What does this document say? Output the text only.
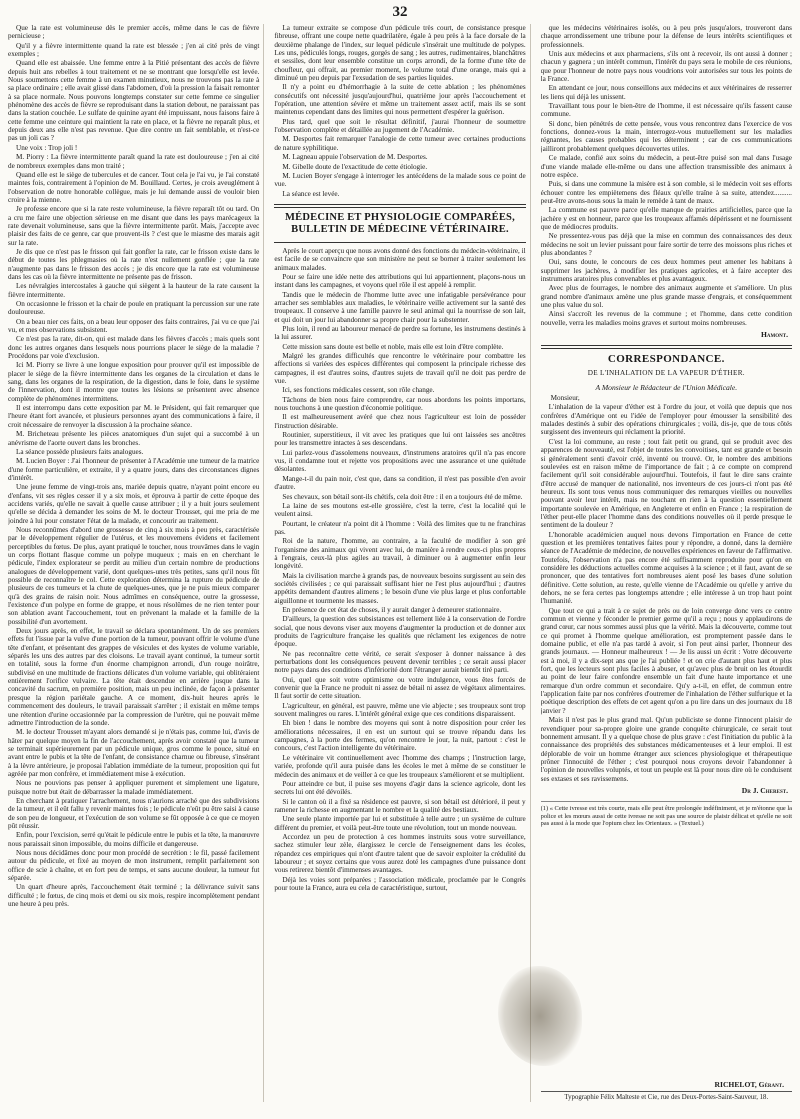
32

Que la rate est volumineuse dès le premier accès, même dans le cas de fièvre pernicieuse ;

Qu'il y a fièvre intermittente quand la rate est blessée ; j'en ai cité près de vingt exemples ;

Quand elle est abaissée. Une femme entre à la Pitié présentant des accès de fièvre depuis huit ans rebelles à tout traitement et ne se montrant que lorsqu'elle est levée. Nous soumettons cette femme à un examen minutieux, nous ne trouvons pas la rate à sa place ordinaire ; elle avait glissé dans l'abdomen, d'où la pression la faisait remonter à sa place normale. Nous pouvons longtemps constater sur cette femme ce singulier phénomène des accès de fièvre se reproduisant dans la station debout, ne paraissant pas dans la station couchée. Le sulfate de quinine ayant été impuissant, nous faisons faire à cette femme une ceinture qui maintient la rate en place, et la fièvre ne reparaît plus, et depuis deux ans elle n'est pas revenue. Que dire contre un fait semblable, et n'est-ce pas un joli cas ?

Une voix : Trop joli !

M. Piorry : La fièvre intermittente paraît quand la rate est douloureuse ; j'en ai cité de nombreux exemples dans mon traité ;

Quand elle est le siège de tubercules et de cancer. Tout cela je l'ai vu, je l'ai constaté maintes fois, contrairement à l'opinion de M. Bouillaud. Certes, je crois aveuglément à l'observation de notre honorable collègue, mais je lui demande aussi de vouloir bien croire à la mienne.

Je professe encore que si la rate reste volumineuse, la fièvre reparaît tôt ou tard. On a cru me faire une objection sérieuse en me disant que dans les pays marécageux la rate devenait volumineuse, sans que la fièvre intermittente parût. Mais, j'accepte avec plaisir des faits de ce genre, car que prouvent-ils ? c'est que le miasme des marais agit sur la rate.

Je dis que ce n'est pas le frisson qui fait gonfler la rate, car le frisson existe dans le début de toutes les phlegmasies où la rate n'est nullement gonflée ; que la rate n'augmente pas dans le frisson des accès ; je dis encore que la rate est volumineuse dans les cas où la fièvre intermittente ne présente pas de frisson.

Les névralgies intercostales à gauche qui siègent à la hauteur de la rate causent la fièvre intermittente.

On occasionne le frisson et la chair de poule en pratiquant la percussion sur une rate douloureuse.

On a beau nier ces faits, on a beau leur opposer des faits contraires, j'ai vu ce que j'ai vu, et mes observations subsistent.

Ce n'est pas la rate, dit-on, qui est malade dans les fièvres d'accès ; mais quels sont donc les autres organes dans lesquels nous pourrions placer le siège de la maladie ? Procédons par voie d'exclusion.

Ici M. Piorry se livre à une longue exposition pour prouver qu'il est impossible de placer le siège de la fièvre intermittente dans les organes de la circulation et dans le sang, dans les organes de la respiration, de la digestion, dans le foie, dans le système de l'innervation, dont il montre que toutes les lésions se présentent avec absence complète de phénomènes intermittens.

Il est interrompu dans cette exposition par M. le Président, qui fait remarquer que l'heure étant fort avancée, et plusieurs personnes ayant des communications à faire, il croit nécessaire de renvoyer la discussion à la prochaine séance.

M. Bricheteau présente les pièces anatomiques d'un sujet qui a succombé à un anévrisme de l'aorte ouvert dans les bronches.

La séance possède plusieurs faits analogues.

M. Lucien Boyer : J'ai l'honneur de présenter à l'Académie une tumeur de la matrice d'une forme particulière, et extraite, il y a quatre jours, dans des circonstances dignes d'intérêt.

Une jeune femme de vingt-trois ans, mariée depuis quatre, n'ayant point encore eu d'enfans, vit ses règles cesser il y a six mois, et éprouva à partir de cette époque des accidens variés, qu'elle ne savait à quelle cause attribuer ; il y a huit jours seulement qu'elle se décida à demander les soins de M. le docteur Trousset, qui me pria de me joindre à lui pour constater l'état de la malade, et concourir au traitement.

Nous reconnûmes d'abord une grossesse de cinq à six mois à peu près, caractérisée par le développement régulier de l'utérus, et les mouvemens évidens et facilement perceptibles du fœtus. De plus, ayant pratiqué le toucher, nous trouvâmes dans le vagin un corps flottant flasque comme un polype muqueux ; mais en en cherchant le pédicule, l'index explorateur se perdit au milieu d'un certain nombre de productions analogues de développement varié, dont quelques-unes très petites, sans qu'il nous fût possible de reconnaître le col. Cette exploration détermina la rupture du pédicule de plusieurs de ces tumeurs et la chute de quelques-unes, que je ne puis mieux comparer qu'à des grains de raisin noir. Nous admîmes en conséquence, outre la grossesse, l'existence d'un polype en forme de grappe, et nous résolûmes de ne rien tenter pour son ablation avant l'accouchement, tout en prévenant la malade et la famille de la possibilité d'un avortement.

Deux jours après, en effet, le travail se déclara spontanément. Un de ses premiers effets fut l'issue par la vulve d'une portion de la tumeur, pouvant offrir le volume d'une tête d'enfant, et présentant des grappes de vésicules et des kystes de volume variable, séparés les uns des autres par des cloisons. Le travail ayant continué, la tumeur sortit en totalité, sous la forme d'un énorme champignon arrondi, d'un rouge noirâtre, subdivisé en une multitude de fractions délicates d'un volume variable, qui oblitéraient entièrement l'orifice vulvaire. La tête était descendue en arrière jusque dans la concavité du sacrum, en première position, mais un peu inclinée, de façon à présenter presque la région pariétale gauche. A ce moment, dix-huit heures après le commencement des douleurs, le travail paraissait s'arrêter ; il existait en même temps une rétention d'urine occasionnée par la compression de l'urètre, qui ne pouvait même admettre l'introduction de la sonde.

M. le docteur Trousset m'ayant alors demandé si je n'étais pas, comme lui, d'avis de hâter par quelque moyen la fin de l'accouchement, après avoir constaté que la tumeur se terminait supérieurement par un pédicule unique, gros comme le pouce, situé en avant entre le pubis et la tête de l'enfant, de consistance charnue ou fibreuse, s'insérant à la lèvre antérieure, je proposai l'ablation immédiate de la tumeur, proposition qui fut agréée par mon confrère, et immédiatement mise à exécution.

Nous ne pouvions pas penser à appliquer purement et simplement une ligature, puisque notre but était de débarrasser la malade immédiatement.

En cherchant à pratiquer l'arrachement, nous n'aurions arraché que des subdivisions de la tumeur, et il eût fallu y revenir maintes fois ; le pédicule n'eût pu être saisi à cause de son peu de longueur, et l'exécution de son volume se fût opposée à ce que ce moyen pût réussir.

Enfin, pour l'excision, serré qu'était le pédicule entre le pubis et la tête, la manœuvre nous paraissait sinon impossible, du moins difficile et dangereuse.

Nous nous décidâmes donc pour mon procédé de secrétion : le fil, passé facilement autour du pédicule, et fixé au moyen de mon instrument, remplit parfaitement son office de scie à chaîne, et en fort peu de temps, et sans aucune douleur, la tumeur fut séparée.

Un quart d'heure après, l'accouchement était terminé ; la délivrance suivit sans difficulté ; le fœtus, de cinq mois et demi ou six mois, respire incomplètement pendant une heure à peu près.

La tumeur extraite se compose d'un pédicule très court, de consistance presque fibreuse, offrant une coupe nette quadrilatère, égale à peu près à la face dorsale de la deuxième phalange de l'index, sur lequel pédicule s'insérait une multitude de polypes. Les uns, pédiculés longs, rouges, gorgés de sang ; les autres, rudimentaires, blanchâtres et sessiles, dont leur ensemble constitue un corps arrondi, de la forme d'une tête de choufleur, qui offrait, au premier moment, le volume total d'une orange, mais qui a diminué un peu depuis par l'exsudation de ses parties liquides.

Il n'y a point eu d'hémorrhagie à la suite de cette ablation ; les phénomènes consécutifs ont nécessité jusqu'aujourd'hui, quatrième jour après l'accouchement et l'opération, une attention sévère et même un traitement assez actif, mais ils se sont maintenus cependant dans des limites qui nous permettent d'espérer la guérison.

Plus tard, quel que soit le résultat définitif, j'aurai l'honneur de soumettre l'observation complète et détaillée au jugement de l'Académie.

M. Desportes fait remarquer l'analogie de cette tumeur avec certaines productions de nature syphilitique.

M. Lagneau appuie l'observation de M. Desportes.

M. Gibelle doute de l'exactitude de cette étiologie.

M. Lucien Boyer s'engage à interroger les antécédens de la malade sous ce point de vue.

La séance est levée.

MÉDECINE ET PHYSIOLOGIE COMPARÉES, BULLETIN DE MÉDECINE VÉTÉRINAIRE.

Après le court aperçu que nous avons donné des fonctions du médecin-vétérinaire, il est facile de se convaincre que son ministère ne peut se borner à traiter seulement les animaux malades.

Pour se faire une idée nette des attributions qui lui appartiennent, plaçons-nous un instant dans les campagnes, et voyons quel rôle il est appelé à remplir.

Tandis que le médecin de l'homme lutte avec une infatigable persévérance pour arracher ses semblables aux maladies, le vétérinaire veille activement sur la santé des troupeaux. Il conserve à une famille pauvre le seul animal qui la nourrisse de son lait, et qui doit un jour lui abandonner sa propre chair pour la substenter.

Plus loin, il rend au laboureur menacé de perdre sa fortune, les instrumens destinés à la lui assurer.

Cette mission sans doute est belle et noble, mais elle est loin d'être complète.

Malgré les grandes difficultés que rencontre le vétérinaire pour combattre les affections si variées des espèces différentes qui composent la principale richesse des campagnes, il est d'autres soins, d'autres sujets de travail qu'il ne doit pas perdre de vue.

Ici, ses fonctions médicales cessent, son rôle change.

Tâchons de bien nous faire comprendre, car nous abordons les points importans, nous touchons à une question d'économie politique.

Il est malheureusement avéré que chez nous l'agriculteur est loin de posséder l'instruction désirable.

Routinier, superstitieux, il vit avec les pratiques que lui ont laissées ses ancêtres pour les transmettre intactes à ses descendans.

Lui parlez-vous d'assolemens nouveaux, d'instrumens aratoires qu'il n'a pas encore vus, il condamne tout et rejette vos propositions avec une assurance et une quiétude désolantes.

Mange-t-il du pain noir, c'est que, dans sa condition, il n'est pas possible d'en avoir d'autre.

Ses chevaux, son bétail sont-ils chétifs, cela doit être : il en a toujours été de même.

La laine de ses moutons est-elle grossière, c'est la terre, c'est la localité qui le veulent ainsi.

Pourtant, le créateur n'a point dit à l'homme : Voilà des limites que tu ne franchiras pas.

Roi de la nature, l'homme, au contraire, a la faculté de modifier à son gré l'organisme des animaux qui vivent avec lui, de manière à rendre ceux-ci plus propres à l'engrais, ceux-là plus agiles au travail, à diminuer ou à augmenter enfin leur longévité.

Mais la civilisation marche à grands pas, de nouveaux besoins surgissent au sein des sociétés civilisées ; ce qui paraissait suffisant hier ne l'est plus aujourd'hui ; d'autres appétits demandent d'autres alimens ; le besoin d'une vie plus large et plus confortable aiguillonne et tourmente les masses.

En présence de cet état de choses, il y aurait danger à demeurer stationnaire.

D'ailleurs, la question des subsistances est tellement liée à la conservation de l'ordre social, que nous devons viser aux moyens d'augmenter la production et de donner aux produits de l'agriculture française les qualités que réclament les exigences de notre époque.

Ne pas reconnaître cette vérité, ce serait s'exposer à donner naissance à des perturbations dont les conséquences peuvent devenir terribles ; ce serait aussi placer notre pays dans des conditions d'infériorité dont l'étranger aurait bientôt tiré parti.

Oui, quel que soit votre optimisme ou votre indulgence, vous êtes forcés de convenir que la France ne produit ni assez de bétail ni assez de végétaux alimentaires. Il faut sortir de cette situation.

L'agriculteur, en général, est pauvre, même une vie abjecte ; ses troupeaux sont trop souvent malingres ou rares. L'intérêt général exige que ces conditions disparaissent.

Eh bien ! dans le nombre des moyens qui sont à notre disposition pour créer les améliorations nécessaires, il en est un surtout qui se trouve répandu dans les campagnes, à la porte des fermes, qu'on rencontre le jour, la nuit, partout : c'est le concours, c'est l'action intelligente du vétérinaire.

Le vétérinaire vit continuellement avec l'homme des champs ; l'instruction large, variée, profonde qu'il aura puisée dans les écoles le met à même de se constituer le médecin des animaux et de veiller à ce que les troupeaux s'améliorent et se multiplient.

Pour atteindre ce but, il puise ses moyens d'agir dans la science agricole, dont les secrets lui ont été dévoilés.

Si le canton où il a fixé sa résidence est pauvre, si son bétail est détérioré, il peut y ramener la richesse en augmentant le nombre et la qualité des bestiaux.

Une seule plante importée par lui et substituée à telle autre ; un système de culture différent du premier, et voilà peut-être toute une révolution, tout un monde nouveau.

Accordez un peu de protection à ces hommes instruits sous votre surveillance, sachez stimuler leur zèle, élargissez le cercle de l'enseignement dans les écoles, répandez ces empiriques qui n'ont d'autre talent que de savoir exploiter la crédulité du laboureur ; et soyez certains que vous aurez doté les campagnes d'une puissance dont vous retirerez bientôt d'immenses avantages.

Déjà les voies sont préparées ; l'association médicale, proclamée par le Congrès pour toute la France, aura eu cela de caractéristique, surtout,

que les médecins vétérinaires isolés, ou à peu près jusqu'alors, trouveront dans chaque arrondissement une tribune pour la défense de leurs intérêts scientifiques et professionnels.

Unis aux médecins et aux pharmaciens, s'ils ont à recevoir, ils ont aussi à donner ; chacun y gagnera ; un intérêt commun, l'intérêt du pays sera le mobile de ces réunions, que pour l'honneur de notre pays nous voudrions voir autorisées sur tous les points de la France.

En attendant ce jour, nous conseillons aux médecins et aux vétérinaires de resserrer les liens qui déjà les unissent.

Travaillant tous pour le bien-être de l'homme, il est nécessaire qu'ils fassent cause commune.

Si donc, bien pénétrés de cette pensée, vous vous rencontrez dans l'exercice de vos fonctions, donnez-vous la main, interrogez-vous mutuellement sur les maladies régnantes, les causes probables qui les déterminent ; car de ces communications jailliront probablement quelques découvertes utiles.

Ce malade, confié aux soins du médecin, a peut-être puisé son mal dans l'usage d'une viande malade elle-même ou dans une affection transmissible des animaux à notre espèce.

Puis, si dans une commune la misère est à son comble, si le médecin voit ses efforts échouer contre les empiètemens des fléaux qu'elle traîne à sa suite, attendez.......... peut-être avons-nous sous la main le remède à tant de maux.

La commune est pauvre parce qu'elle manque de prairies artificielles, parce que la jachère y est en honneur, parce que les troupeaux affamés dépérissent et ne fournissent que de médiocres produits.

Ne pressentez-vous pas déjà que la mise en commun des connaissances des deux médecins ne soit un levier puissant pour faire sortir de terre des moissons plus riches et plus abondantes ?

Oui, sans doute, le concours de ces deux hommes peut amener les habitans à supprimer les jachères, à modifier les pratiques agricoles, et à faire accepter des instrumens aratoires plus convenables et plus avantageux.

Avec plus de fourrages, le nombre des animaux augmente et s'améliore. Un plus grand nombre d'animaux amène une plus grande masse d'engrais, et conséquemment une plus value du sol.

Ainsi s'accroît les revenus de la commune ; et l'homme, dans cette condition nouvelle, verra les maladies moins graves et surtout moins nombreuses.

Hamont.
CORRESPONDANCE.
DE L'INHALATION DE LA VAPEUR D'ÉTHER.
A Monsieur le Rédacteur de l'Union Médicale.

Monsieur,

L'inhalation de la vapeur d'éther est à l'ordre du jour, et voilà que depuis que nos confrères d'Amérique ont eu l'idée de l'employer pour émousser la sensibilité des malades destinés à subir des opérations chirurgicales ; voilà, dis-je, que de tous côtés surgissent des inventeurs qui réclament la priorité.

C'est la loi commune, au reste ; tout fait petit ou grand, qui se produit avec des apparences de nouveauté, est l'objet de toutes les convoitises, tant est grande et besoin si généralement senti d'avoir créé, inventé ou trouvé. Or, le nombre des ambitions soulevées est en raison même de l'importance de fait ; à ce compte on comprend facilement qu'il soit considérable aujourd'hui. Toutefois, il faut le dire sans crainte d'être accusé de manquer de nationalité, nos inventeurs de ces jours-ci n'ont pas été heureux. Ils sont tous venus nous communiquer des remarques vieilles ou nouvelles pouvant avoir leur intérêt, mais ne touchant en rien à la question essentiellement importante soulevée en Amérique, en Angleterre et enfin en France ; la respiration de l'éther peut-elle placer l'homme dans des conditions nouvelles où il perde presque le sentiment de la douleur ?

L'honorable académicien auquel nous devons l'importation en France de cette question et les premières tentatives faites pour y répondre, a donné, dans la dernière séance de l'Académie de médecine, de nouvelles expériences en faveur de l'affirmative. Toutefois, l'observation n'a pas encore été suffisamment reproduite pour qu'on en considère les déductions actuelles comme acquises à la science ; et il faut, avant de se prononcer, que des tentatives fort nombreuses aient posé les bases d'une solution définitive. Cette solution, au reste, qu'elle vienne de l'Académie ou qu'elle y arrive du dehors, ne se fera certes pas longtemps attendre ; elle intéresse à un trop haut point l'humanité.

Que tout ce qui a trait à ce sujet de près ou de loin converge donc vers ce centre commun et vienne y féconder le premier germe qu'il a reçu ; nous y applaudirons de grand cœur, car nous sommes aussi plus que la vérité. Mais la découverte, comme tout ce qui promet à l'homme quelque amélioration, est promptement passée dans le domaine public, et elle n'a pas tardé à avoir, si l'on peut ainsi parler, l'honneur des grands journaux. — Honneur malheureux ! — Je lis aussi un écrit : Votre découverte est à moi, il y a dix-sept ans que je l'ai publiée ! et on crie d'autant plus haut et plus fort, que les lecteurs sont plus faciles à abuser, et qu'avec plus de bruit on les étourdit au point de leur faire confondre ensemble un fait d'une haute importance et une remarque d'un ordre commun et secondaire. Qu'y a-t-il, en effet, de commun entre l'application faite par nos confrères d'outremer de l'inhalation de l'éther sulfurique et la poétique description des effets de cet agent qu'on a pu lire dans un des journaux du 18 janvier ?

Mais il n'est pas le plus grand mal. Qu'un publiciste se donne l'innocent plaisir de revendiquer pour sa-propre gloire une grande conquête chirurgicale, ce serait tout bonnement amusant. Il y a quelque chose de plus grave : c'est l'initiation du public à la connaissance des propriétés des substances médicamenteuses et à leur emploi. Il est déplorable de voir un homme étranger aux sciences physiologique et thérapeutique prôner l'innocuité de l'éther ; c'est pourquoi nous croyons devoir l'abandonner à l'opinion de nouvelles voluptés, et tout un peuple est là pour nous dire où le conduisent ses extases et ses ravissemens.

Dr J. Cherest.
(1) « Cette ivresse est très courte, mais elle peut être prolongée indéfiniment, et je m'étonne que la police et les mœurs aussi de cette ivresse ne soit pas une source de plaisir délicat et qu'elle ne soit pas aussi à la mode que l'opium chez les Orientaux. » (Textuel.)
RICHELOT, Gérant.
Typographie Félix Malteste et Cie, rue des Deux-Portes-Saint-Sauveur, 18.
